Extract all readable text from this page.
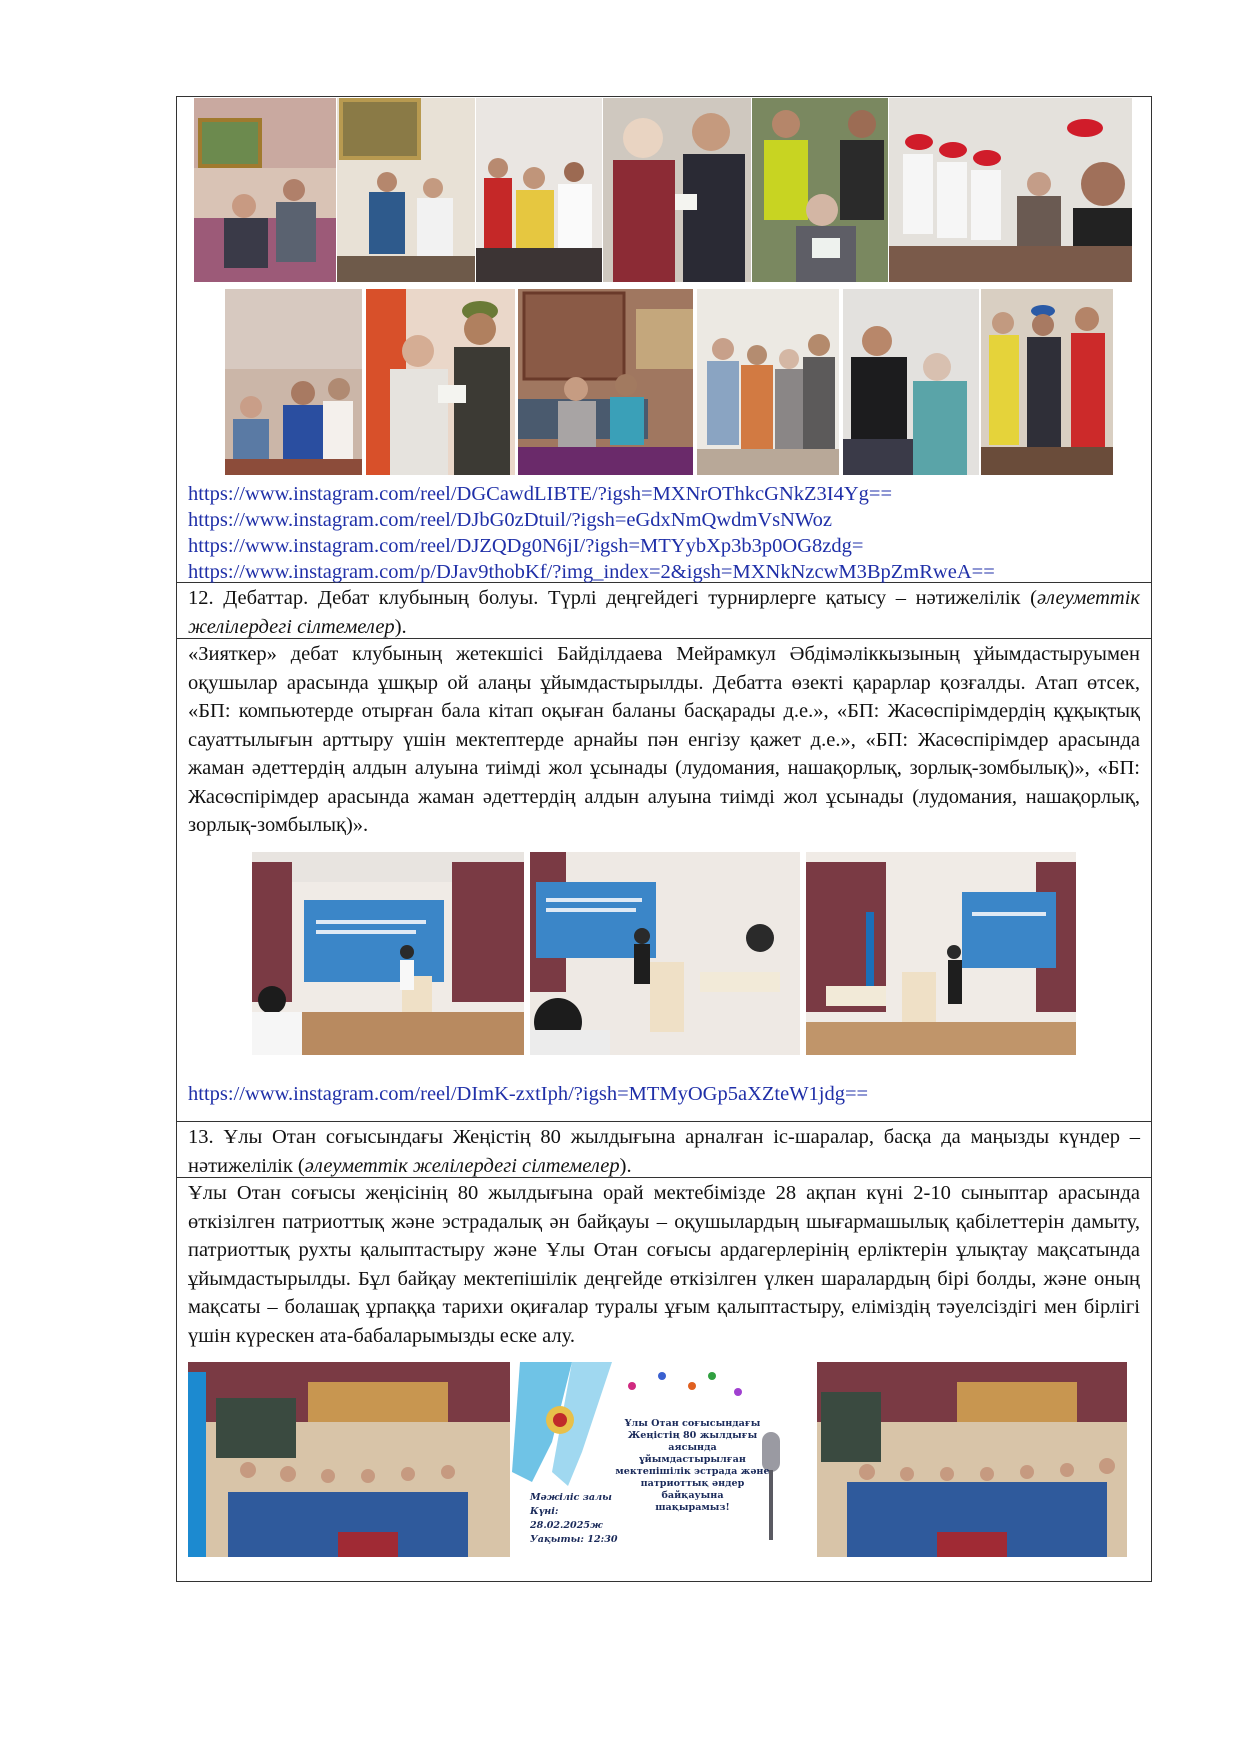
https://www.instagram.com/reel/DGCawdLIBTE/?igsh=MXNrOThkcGNkZ3I4Yg==
https://www.instagram.com/reel/DJbG0zDtuil/?igsh=eGdxNmQwdmVsNWoz
https://www.instagram.com/reel/DJZQDg0N6jI/?igsh=MTYybXp3b3p0OG8zdg=
https://www.instagram.com/p/DJav9thobKf/?img_index=2&igsh=MXNkNzcwM3BpZmRweA==

12. Дебаттар. Дебат клубының болуы. Түрлі деңгейдегі турнирлерге қатысу – нәтижелілік (әлеуметтік желілердегі сілтемелер).

«Зияткер» дебат клубының жетекшісі Байділдаева Мейрамкул Әбдімәліккызының ұйымдастыруымен оқушылар арасында ұшқыр ой алаңы ұйымдастырылды. Дебатта өзекті қарарлар қозғалды. Атап өтсек, «БП: компьютерде отырған бала кітап оқыған баланы басқарады д.е.», «БП: Жасөспірімдердің құқықтық сауаттылығын арттыру үшін мектептерде арнайы пән енгізу қажет д.е.», «БП: Жасөспірімдер арасында жаман әдеттердің алдын алуына тиімді жол ұсынады (лудомания, нашақорлық, зорлық-зомбылық)», «БП: Жасөспірімдер арасында жаман әдеттердің алдын алуына тиімді жол ұсынады (лудомания, нашақорлық, зорлық-зомбылық)».

https://www.instagram.com/reel/DImK-zxtIph/?igsh=MTMyOGp5aXZteW1jdg==

13. Ұлы Отан соғысындағы Жеңістің 80 жылдығына арналған іс-шаралар, басқа да маңызды күндер – нәтижелілік (әлеуметтік желілердегі сілтемелер).

Ұлы Отан соғысы жеңісінің 80 жылдығына орай мектебімізде 28 ақпан күні 2-10 сыныптар арасында өткізілген патриоттық және эстрадалық ән байқауы – оқушылардың шығармашылық қабілеттерін дамыту, патриоттық рухты қалыптастыру және Ұлы Отан соғысы ардагерлерінің ерліктерін ұлықтау мақсатында ұйымдастырылды. Бұл байқау мектепішілік деңгейде өткізілген үлкен шаралардың бірі болды, және оның мақсаты – болашақ ұрпаққа тарихи оқиғалар туралы ұғым қалыптастыру, еліміздің тәуелсіздігі мен бірлігі үшін күрескен ата-бабаларымызды еске алу.

Ұлы Отан соғысындағы
Жеңістің 80 жылдығы аясында
ұйымдастырылған
мектепішілік эстрада және
патриоттық әндер байқауына
шақырамыз!
Мәжіліс залы
Күні: 28.02.2025ж
Уақыты: 12:30
